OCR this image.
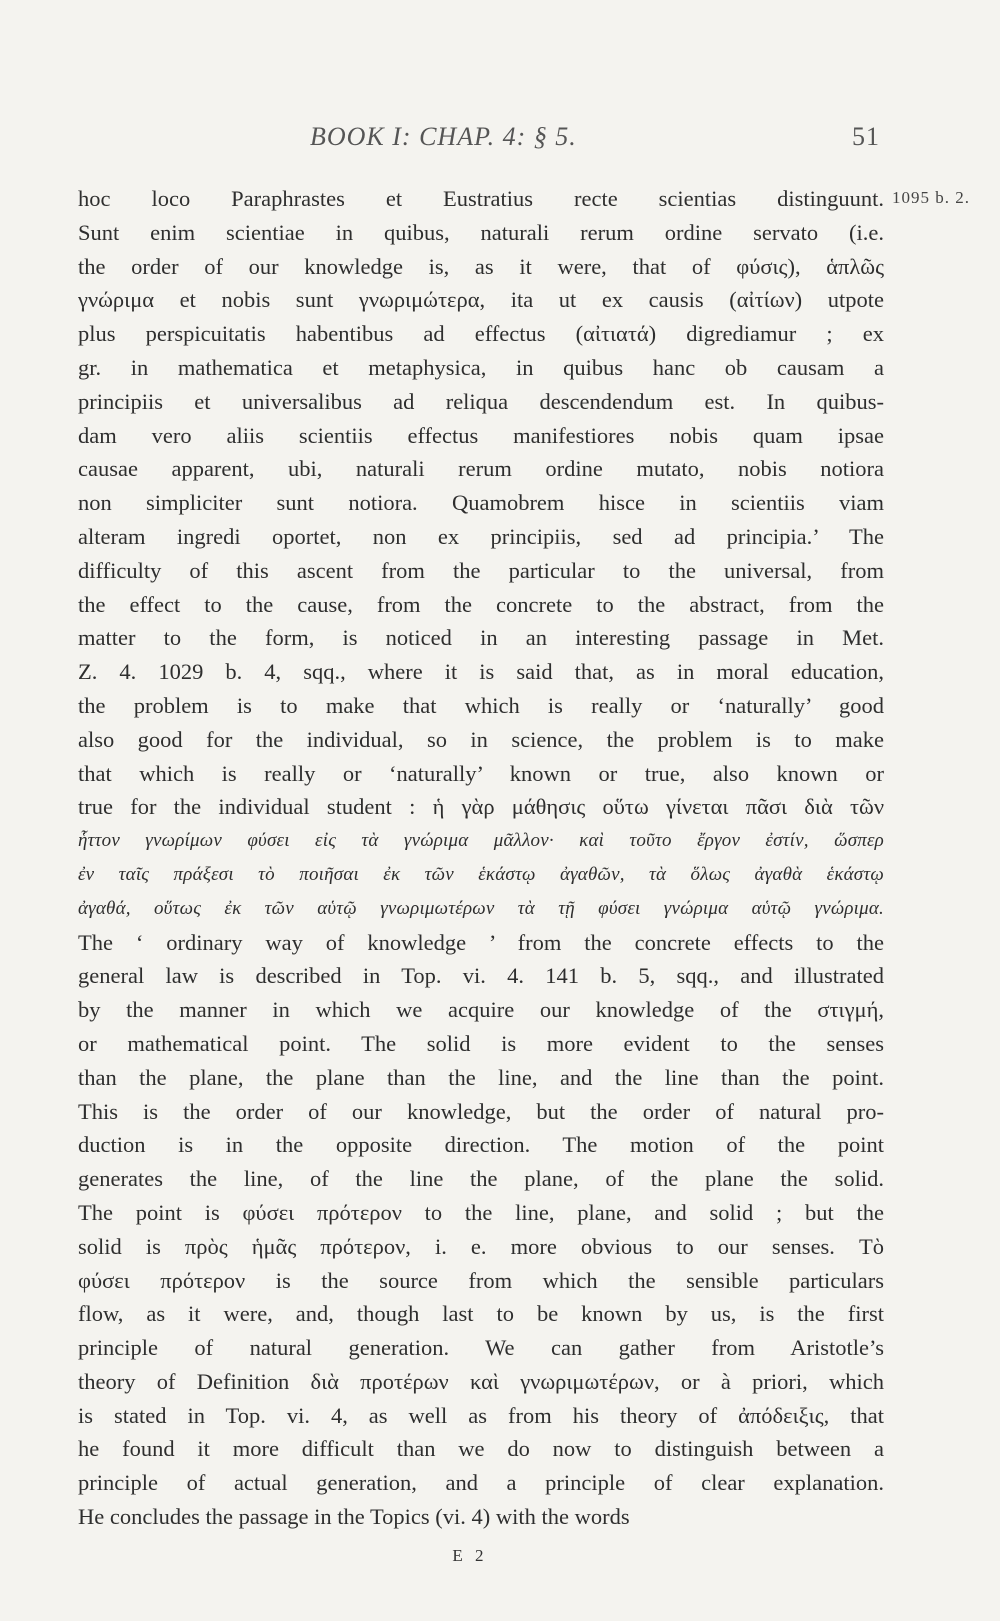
BOOK I: CHAP. 4: § 5.	51
1095 b. 2.
hoc loco Paraphrastes et Eustratius recte scientias distinguunt.
Sunt enim scientiae in quibus, naturali rerum ordine servato (i.e.
the order of our knowledge is, as it were, that of φύσις), ἁπλῶς
γνώριμα et nobis sunt γνωριμώτερα, ita ut ex causis (αἰτίων) utpote
plus perspicuitatis habentibus ad effectus (αἰτιατά) digrediamur ; ex
gr. in mathematica et metaphysica, in quibus hanc ob causam a
principiis et universalibus ad reliqua descendendum est. In quibus-
dam vero aliis scientiis effectus manifestiores nobis quam ipsae
causae apparent, ubi, naturali rerum ordine mutato, nobis notiora
non simpliciter sunt notiora. Quamobrem hisce in scientiis viam
alteram ingredi oportet, non ex principiis, sed ad principia.’ The
difficulty of this ascent from the particular to the universal, from
the effect to the cause, from the concrete to the abstract, from the
matter to the form, is noticed in an interesting passage in Met.
Z. 4. 1029 b. 4, sqq., where it is said that, as in moral education,
the problem is to make that which is really or ‘naturally’ good
also good for the individual, so in science, the problem is to make
that which is really or ‘naturally’ known or true, also known or
true for the individual student : ἡ γὰρ μάθησις οὕτω γίνεται πᾶσι διὰ τῶν
ἧττον γνωρίμων φύσει εἰς τὰ γνώριμα μᾶλλον· καὶ τοῦτο ἔργον ἐστίν, ὥσπερ
ἐν ταῖς πράξεσι τὸ ποιῆσαι ἐκ τῶν ἑκάστῳ ἀγαθῶν, τὰ ὅλως ἀγαθὰ ἑκάστῳ
ἀγαθά, οὕτως ἐκ τῶν αὑτῷ γνωριμωτέρων τὰ τῇ φύσει γνώριμα αὑτῷ γνώριμα.
The ‘ ordinary way of knowledge ’ from the concrete effects to the
general law is described in Top. vi. 4. 141 b. 5, sqq., and illustrated
by the manner in which we acquire our knowledge of the στιγμή,
or mathematical point. The solid is more evident to the senses
than the plane, the plane than the line, and the line than the point.
This is the order of our knowledge, but the order of natural pro-
duction is in the opposite direction. The motion of the point
generates the line, of the line the plane, of the plane the solid.
The point is φύσει πρότερον to the line, plane, and solid ; but the
solid is πρὸς ἡμᾶς πρότερον, i. e. more obvious to our senses. Τὸ
φύσει πρότερον is the source from which the sensible particulars
flow, as it were, and, though last to be known by us, is the first
principle of natural generation. We can gather from Aristotle’s
theory of Definition διὰ προτέρων καὶ γνωριμωτέρων, or à priori, which
is stated in Top. vi. 4, as well as from his theory of ἀπόδειξις, that
he found it more difficult than we do now to distinguish between a
principle of actual generation, and a principle of clear explanation.
He concludes the passage in the Topics (vi. 4) with the words
E 2
